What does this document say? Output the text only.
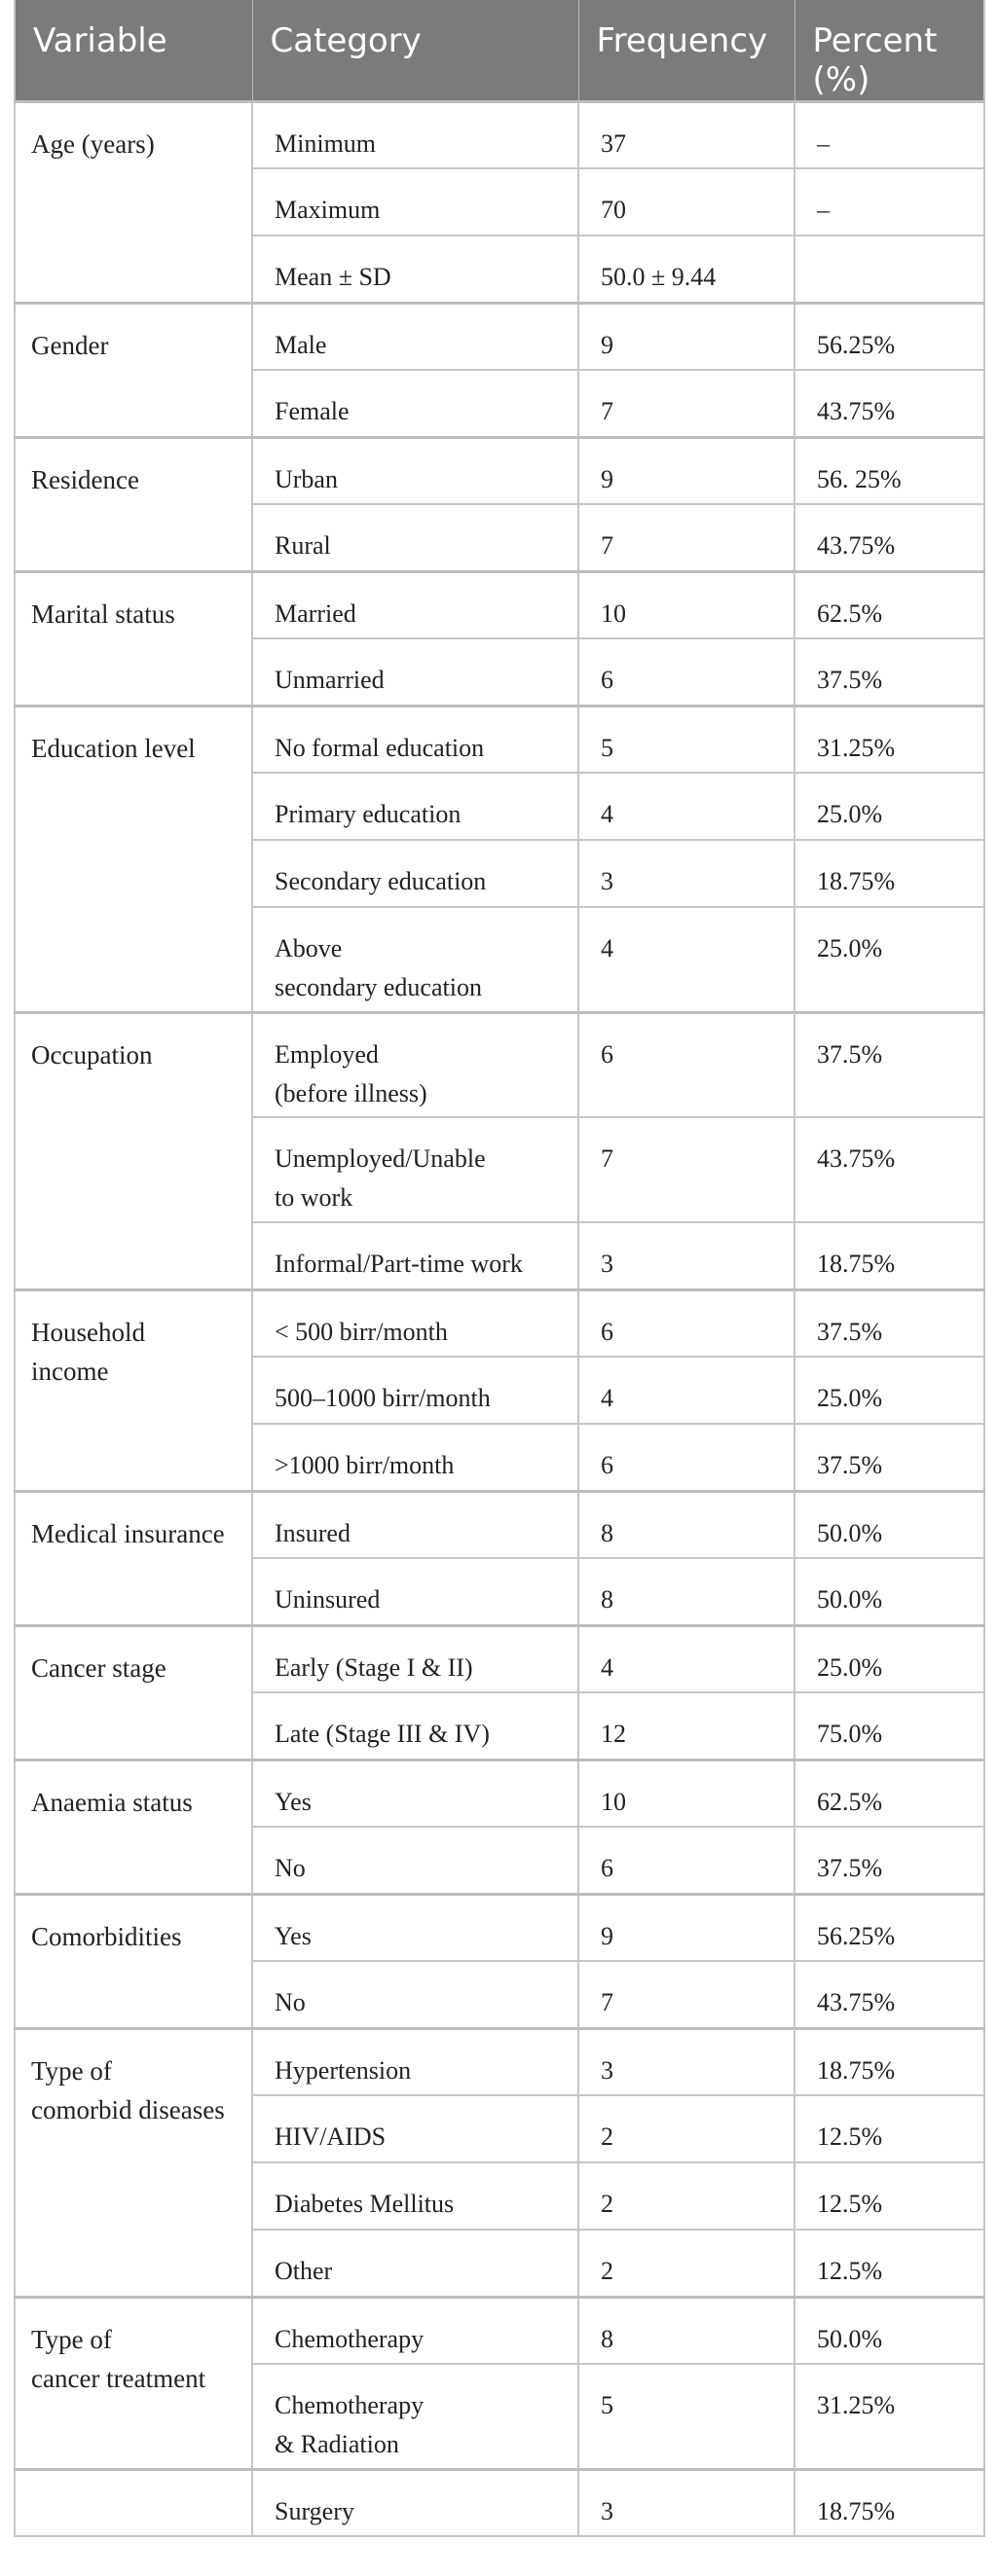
Variable	Category	Frequency	Percent (%)
Age (years)	Minimum	37	–
	Maximum	70	–
	Mean ± SD	50.0 ± 9.44	
Gender	Male	9	56.25%
	Female	7	43.75%
Residence	Urban	9	56. 25%
	Rural	7	43.75%
Marital status	Married	10	62.5%
	Unmarried	6	37.5%
Education level	No formal education	5	31.25%
	Primary education	4	25.0%
	Secondary education	3	18.75%
	Above
secondary education	4	25.0%
Occupation	Employed
(before illness)	6	37.5%
	Unemployed/Unable
to work	7	43.75%
	Informal/Part-time work	3	18.75%
Household
income	< 500 birr/month	6	37.5%
	500–1000 birr/month	4	25.0%
	>1000 birr/month	6	37.5%
Medical insurance	Insured	8	50.0%
	Uninsured	8	50.0%
Cancer stage	Early (Stage I & II)	4	25.0%
	Late (Stage III & IV)	12	75.0%
Anaemia status	Yes	10	62.5%
	No	6	37.5%
Comorbidities	Yes	9	56.25%
	No	7	43.75%
Type of
comorbid diseases	Hypertension	3	18.75%
	HIV/AIDS	2	12.5%
	Diabetes Mellitus	2	12.5%
	Other	2	12.5%
Type of
cancer treatment	Chemotherapy	8	50.0%
	Chemotherapy
& Radiation	5	31.25%
	Surgery	3	18.75%
